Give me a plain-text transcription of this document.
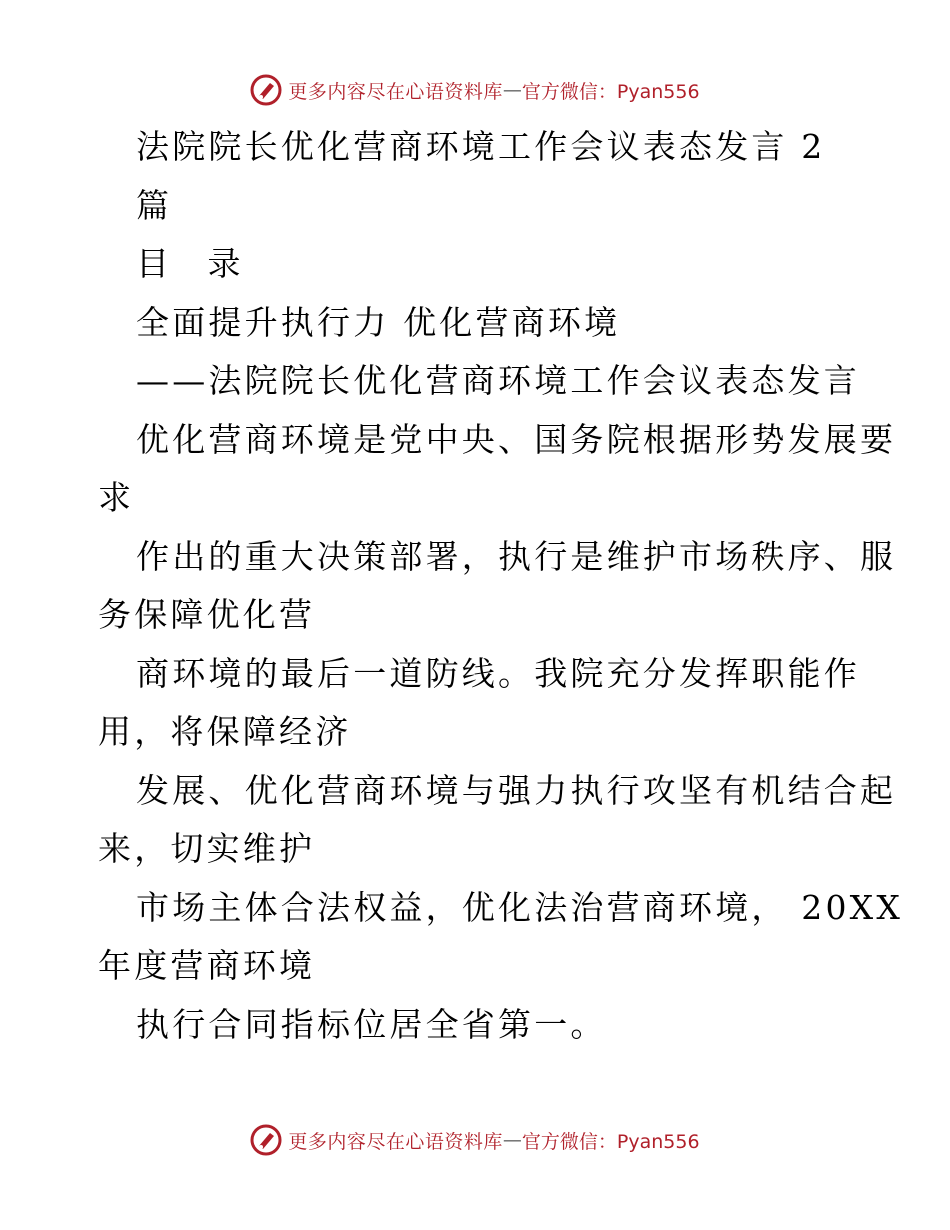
更多内容尽在心语资料库 — 官方微信：Pyan556
法院院长优化营商环境工作会议表态发言 2
篇
目 录
全面提升执行力 优化营商环境
——法院院长优化营商环境工作会议表态发言
优化营商环境是党中央、国务院根据形势发展要
求
作出的重大决策部署，执行是维护市场秩序、服
务保障优化营
商环境的最后一道防线。我院充分发挥职能作
用，将保障经济
发展、优化营商环境与强力执行攻坚有机结合起
来，切实维护
市场主体合法权益，优化法治营商环境， 20XX
年度营商环境
执行合同指标位居全省第一。
更多内容尽在心语资料库 — 官方微信：Pyan556
